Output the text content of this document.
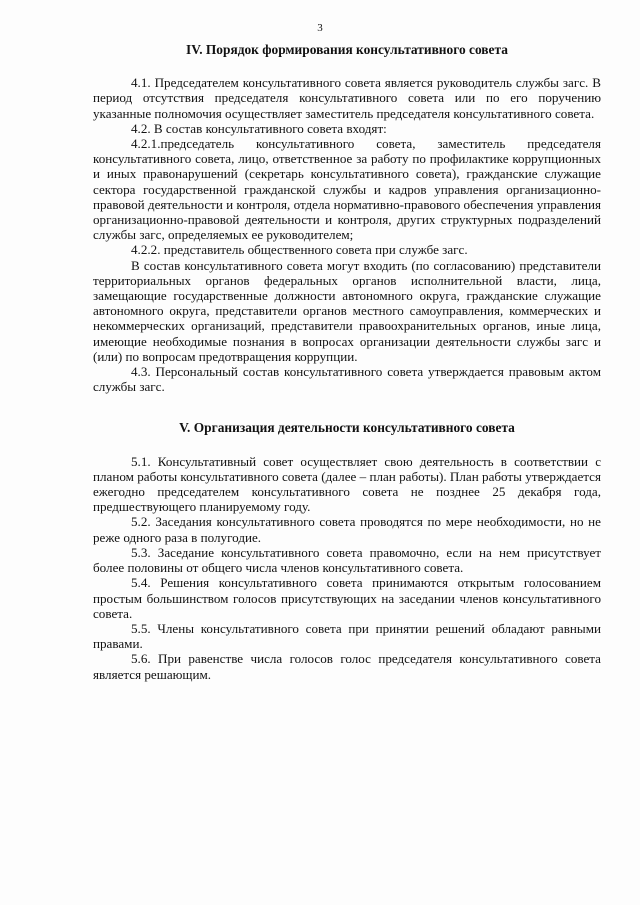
3
IV. Порядок формирования консультативного совета

4.1. Председателем консультативного совета является руководитель службы загс. В период отсутствия председателя консультативного совета или по его поручению указанные полномочия осуществляет заместитель председателя консультативного совета.

4.2. В состав консультативного совета входят:

4.2.1.председатель консультативного совета, заместитель председателя консультативного совета, лицо, ответственное за работу по профилактике коррупционных и иных правонарушений (секретарь консультативного совета), гражданские служащие сектора государственной гражданской службы и кадров управления организационно-правовой деятельности и контроля, отдела нормативно-правового обеспечения управления организационно-правовой деятельности и контроля, других структурных подразделений службы загс, определяемых ее руководителем;

4.2.2. представитель общественного совета при службе загс.

В состав консультативного совета могут входить (по согласованию) представители территориальных органов федеральных органов исполнительной власти, лица, замещающие государственные должности автономного округа, гражданские служащие автономного округа, представители органов местного самоуправления, коммерческих и некоммерческих организаций, представители правоохранительных органов, иные лица, имеющие необходимые познания в вопросах организации деятельности службы загс и (или) по вопросам предотвращения коррупции.

4.3. Персональный состав консультативного совета утверждается правовым актом службы загс.

V. Организация деятельности консультативного совета

5.1. Консультативный совет осуществляет свою деятельность в соответствии с планом работы консультативного совета (далее – план работы). План работы утверждается ежегодно председателем консультативного совета не позднее 25 декабря года, предшествующего планируемому году.

5.2. Заседания консультативного совета проводятся по мере необходимости, но не реже одного раза в полугодие.

5.3. Заседание консультативного совета правомочно, если на нем присутствует более половины от общего числа членов консультативного совета.

5.4. Решения консультативного совета принимаются открытым голосованием простым большинством голосов присутствующих на заседании членов консультативного совета.

5.5. Члены консультативного совета при принятии решений обладают равными правами.

5.6. При равенстве числа голосов голос председателя консультативного совета является решающим.
